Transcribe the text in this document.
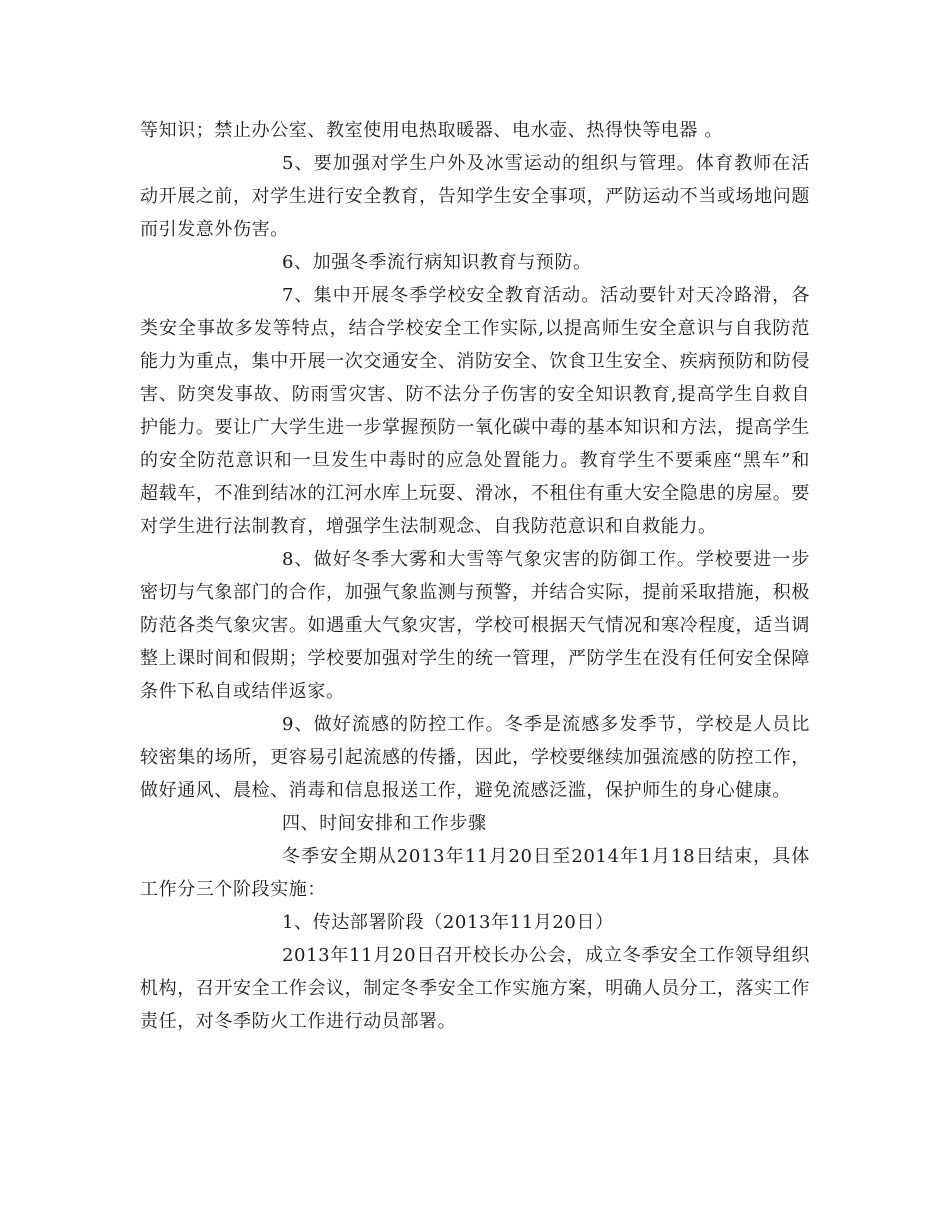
等知识；禁止办公室、教室使用电热取暖器、电水壶、热得快等电器 。

5、要加强对学生户外及冰雪运动的组织与管理。体育教师在活动开展之前，对学生进行安全教育，告知学生安全事项，严防运动不当或场地问题而引发意外伤害。

6、加强冬季流行病知识教育与预防。

7、集中开展冬季学校安全教育活动。活动要针对天冷路滑，各类安全事故多发等特点，结合学校安全工作实际,以提高师生安全意识与自我防范能力为重点，集中开展一次交通安全、消防安全、饮食卫生安全、疾病预防和防侵害、防突发事故、防雨雪灾害、防不法分子伤害的安全知识教育,提高学生自救自护能力。要让广大学生进一步掌握预防一氧化碳中毒的基本知识和方法，提高学生的安全防范意识和一旦发生中毒时的应急处置能力。教育学生不要乘座“黑车”和超载车，不准到结冰的江河水库上玩耍、滑冰，不租住有重大安全隐患的房屋。要对学生进行法制教育，增强学生法制观念、自我防范意识和自救能力。

8、做好冬季大雾和大雪等气象灾害的防御工作。学校要进一步密切与气象部门的合作，加强气象监测与预警，并结合实际，提前采取措施，积极防范各类气象灾害。如遇重大气象灾害，学校可根据天气情况和寒冷程度，适当调整上课时间和假期；学校要加强对学生的统一管理，严防学生在没有任何安全保障条件下私自或结伴返家。

9、做好流感的防控工作。冬季是流感多发季节，学校是人员比较密集的场所，更容易引起流感的传播，因此，学校要继续加强流感的防控工作，做好通风、晨检、消毒和信息报送工作，避免流感泛滥，保护师生的身心健康。

四、时间安排和工作步骤

冬季安全期从2013年11月20日至2014年1月18日结束，具体工作分三个阶段实施：

1、传达部署阶段（2013年11月20日）

2013年11月20日召开校长办公会，成立冬季安全工作领导组织机构，召开安全工作会议，制定冬季安全工作实施方案，明确人员分工，落实工作责任，对冬季防火工作进行动员部署。
